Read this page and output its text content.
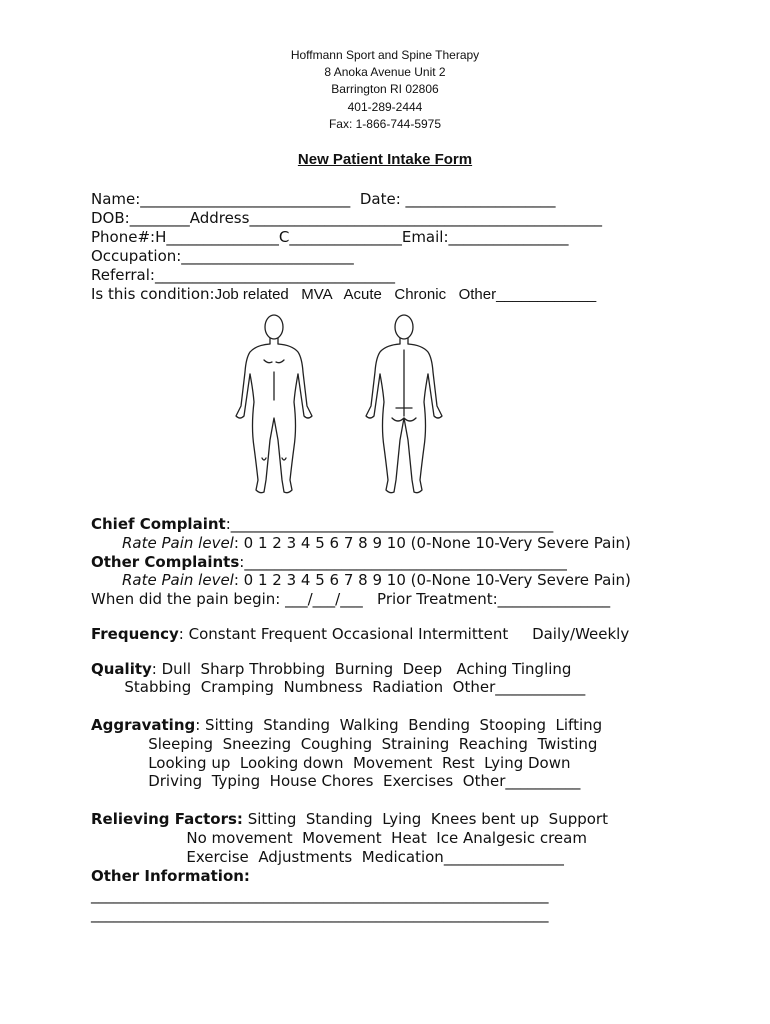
Hoffmann Sport and Spine Therapy
8 Anoka Avenue Unit 2
Barrington RI 02806
401-289-2444
Fax: 1-866-744-5975
New Patient Intake Form
Name:____________________________  Date: ____________________
DOB:________Address_______________________________________________
Phone#:H_______________C_______________Email:________________
Occupation:_______________________
Referral:________________________________
Is this condition:Job related   MVA   Acute   Chronic   Other____________
Chief Complaint:___________________________________________
Rate Pain level: 0 1 2 3 4 5 6 7 8 9 10 (0-None 10-Very Severe Pain)
Other Complaints:___________________________________________
Rate Pain level: 0 1 2 3 4 5 6 7 8 9 10 (0-None 10-Very Severe Pain)
When did the pain begin: ___/___/___   Prior Treatment:_______________
Frequency: Constant Frequent Occasional Intermittent     Daily/Weekly
Quality: Dull  Sharp Throbbing  Burning  Deep   Aching Tingling
Stabbing  Cramping  Numbness  Radiation  Other____________
Aggravating: Sitting  Standing  Walking  Bending  Stooping  Lifting
Sleeping  Sneezing  Coughing  Straining  Reaching  Twisting
Looking up  Looking down  Movement  Rest  Lying Down
Driving  Typing  House Chores  Exercises  Other__________
Relieving Factors: Sitting  Standing  Lying  Knees bent up  Support
No movement  Movement  Heat  Ice Analgesic cream
Exercise  Adjustments  Medication________________
Other Information:
_____________________________________________________________
_____________________________________________________________
